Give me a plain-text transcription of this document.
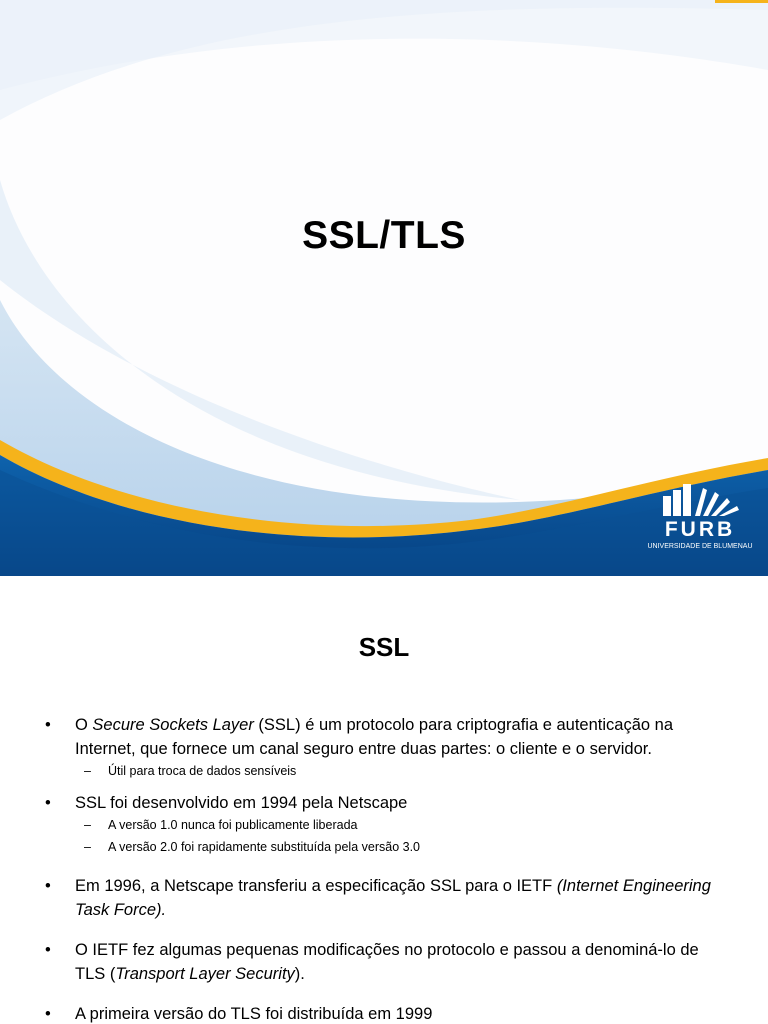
SSL/TLS
FURB
UNIVERSIDADE DE BLUMENAU
SSL
• O Secure Sockets Layer (SSL) é um protocolo para criptografia e autenticação na Internet, que fornece um canal seguro entre duas partes: o cliente e o servidor.
– Útil para troca de dados sensíveis
• SSL foi desenvolvido em 1994 pela Netscape
– A versão 1.0 nunca foi publicamente liberada
– A versão 2.0 foi rapidamente substituída pela versão 3.0
• Em 1996, a Netscape transferiu a especificação SSL para o IETF (Internet Engineering Task Force).
• O IETF fez algumas pequenas modificações no protocolo e passou a denominá-lo de TLS (Transport Layer Security).
• A primeira versão do TLS foi distribuída em 1999
